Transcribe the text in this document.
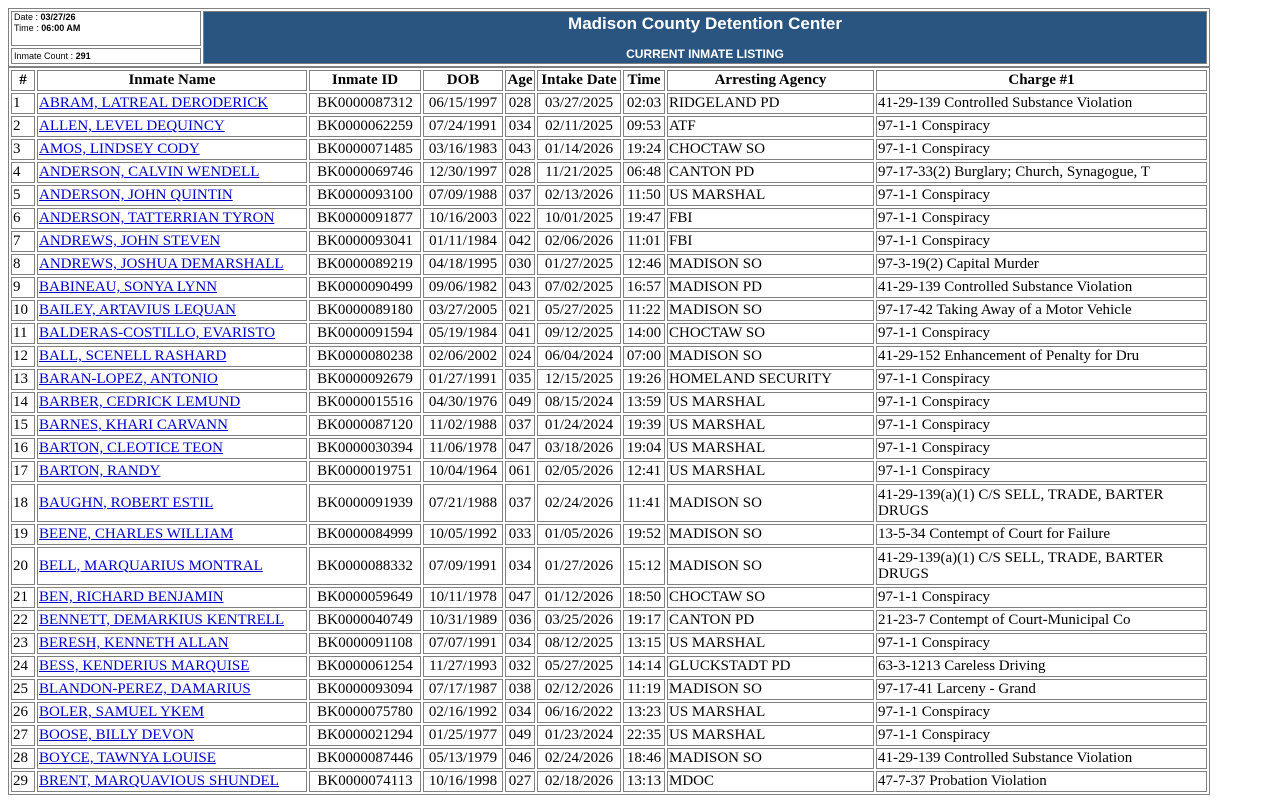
Date : 03/27/26
Time : 06:00 AM	Madison County Detention Center
CURRENT INMATE LISTING

Inmate Count : 291
#	Inmate Name	Inmate ID	DOB	Age	Intake Date	Time	Arresting Agency	Charge #1
1	ABRAM, LATREAL DERODERICK	BK0000087312	06/15/1997	028	03/27/2025	02:03	RIDGELAND PD	41-29-139 Controlled Substance Violation
2	ALLEN, LEVEL DEQUINCY	BK0000062259	07/24/1991	034	02/11/2025	09:53	ATF	97-1-1 Conspiracy
3	AMOS, LINDSEY CODY	BK0000071485	03/16/1983	043	01/14/2026	19:24	CHOCTAW SO	97-1-1 Conspiracy
4	ANDERSON, CALVIN WENDELL	BK0000069746	12/30/1997	028	11/21/2025	06:48	CANTON PD	97-17-33(2) Burglary; Church, Synagogue, T
5	ANDERSON, JOHN QUINTIN	BK0000093100	07/09/1988	037	02/13/2026	11:50	US MARSHAL	97-1-1 Conspiracy
6	ANDERSON, TATTERRIAN TYRON	BK0000091877	10/16/2003	022	10/01/2025	19:47	FBI	97-1-1 Conspiracy
7	ANDREWS, JOHN STEVEN	BK0000093041	01/11/1984	042	02/06/2026	11:01	FBI	97-1-1 Conspiracy
8	ANDREWS, JOSHUA DEMARSHALL	BK0000089219	04/18/1995	030	01/27/2025	12:46	MADISON SO	97-3-19(2) Capital Murder
9	BABINEAU, SONYA LYNN	BK0000090499	09/06/1982	043	07/02/2025	16:57	MADISON PD	41-29-139 Controlled Substance Violation
10	BAILEY, ARTAVIUS LEQUAN	BK0000089180	03/27/2005	021	05/27/2025	11:22	MADISON SO	97-17-42 Taking Away of a Motor Vehicle
11	BALDERAS-COSTILLO, EVARISTO	BK0000091594	05/19/1984	041	09/12/2025	14:00	CHOCTAW SO	97-1-1 Conspiracy
12	BALL, SCENELL RASHARD	BK0000080238	02/06/2002	024	06/04/2024	07:00	MADISON SO	41-29-152 Enhancement of Penalty for Dru
13	BARAN-LOPEZ, ANTONIO	BK0000092679	01/27/1991	035	12/15/2025	19:26	HOMELAND SECURITY	97-1-1 Conspiracy
14	BARBER, CEDRICK LEMUND	BK0000015516	04/30/1976	049	08/15/2024	13:59	US MARSHAL	97-1-1 Conspiracy
15	BARNES, KHARI CARVANN	BK0000087120	11/02/1988	037	01/24/2024	19:39	US MARSHAL	97-1-1 Conspiracy
16	BARTON, CLEOTICE TEON	BK0000030394	11/06/1978	047	03/18/2026	19:04	US MARSHAL	97-1-1 Conspiracy
17	BARTON, RANDY	BK0000019751	10/04/1964	061	02/05/2026	12:41	US MARSHAL	97-1-1 Conspiracy
18	BAUGHN, ROBERT ESTIL	BK0000091939	07/21/1988	037	02/24/2026	11:41	MADISON SO	41-29-139(a)(1) C/S SELL, TRADE, BARTER DRUGS
19	BEENE, CHARLES WILLIAM	BK0000084999	10/05/1992	033	01/05/2026	19:52	MADISON SO	13-5-34 Contempt of Court for Failure
20	BELL, MARQUARIUS MONTRAL	BK0000088332	07/09/1991	034	01/27/2026	15:12	MADISON SO	41-29-139(a)(1) C/S SELL, TRADE, BARTER DRUGS
21	BEN, RICHARD BENJAMIN	BK0000059649	10/11/1978	047	01/12/2026	18:50	CHOCTAW SO	97-1-1 Conspiracy
22	BENNETT, DEMARKIUS KENTRELL	BK0000040749	10/31/1989	036	03/25/2026	19:17	CANTON PD	21-23-7 Contempt of Court-Municipal Co
23	BERESH, KENNETH ALLAN	BK0000091108	07/07/1991	034	08/12/2025	13:15	US MARSHAL	97-1-1 Conspiracy
24	BESS, KENDERIUS MARQUISE	BK0000061254	11/27/1993	032	05/27/2025	14:14	GLUCKSTADT PD	63-3-1213 Careless Driving
25	BLANDON-PEREZ, DAMARIUS	BK0000093094	07/17/1987	038	02/12/2026	11:19	MADISON SO	97-17-41 Larceny - Grand
26	BOLER, SAMUEL YKEM	BK0000075780	02/16/1992	034	06/16/2022	13:23	US MARSHAL	97-1-1 Conspiracy
27	BOOSE, BILLY DEVON	BK0000021294	01/25/1977	049	01/23/2024	22:35	US MARSHAL	97-1-1 Conspiracy
28	BOYCE, TAWNYA LOUISE	BK0000087446	05/13/1979	046	02/24/2026	18:46	MADISON SO	41-29-139 Controlled Substance Violation
29	BRENT, MARQUAVIOUS SHUNDEL	BK0000074113	10/16/1998	027	02/18/2026	13:13	MDOC	47-7-37 Probation Violation
